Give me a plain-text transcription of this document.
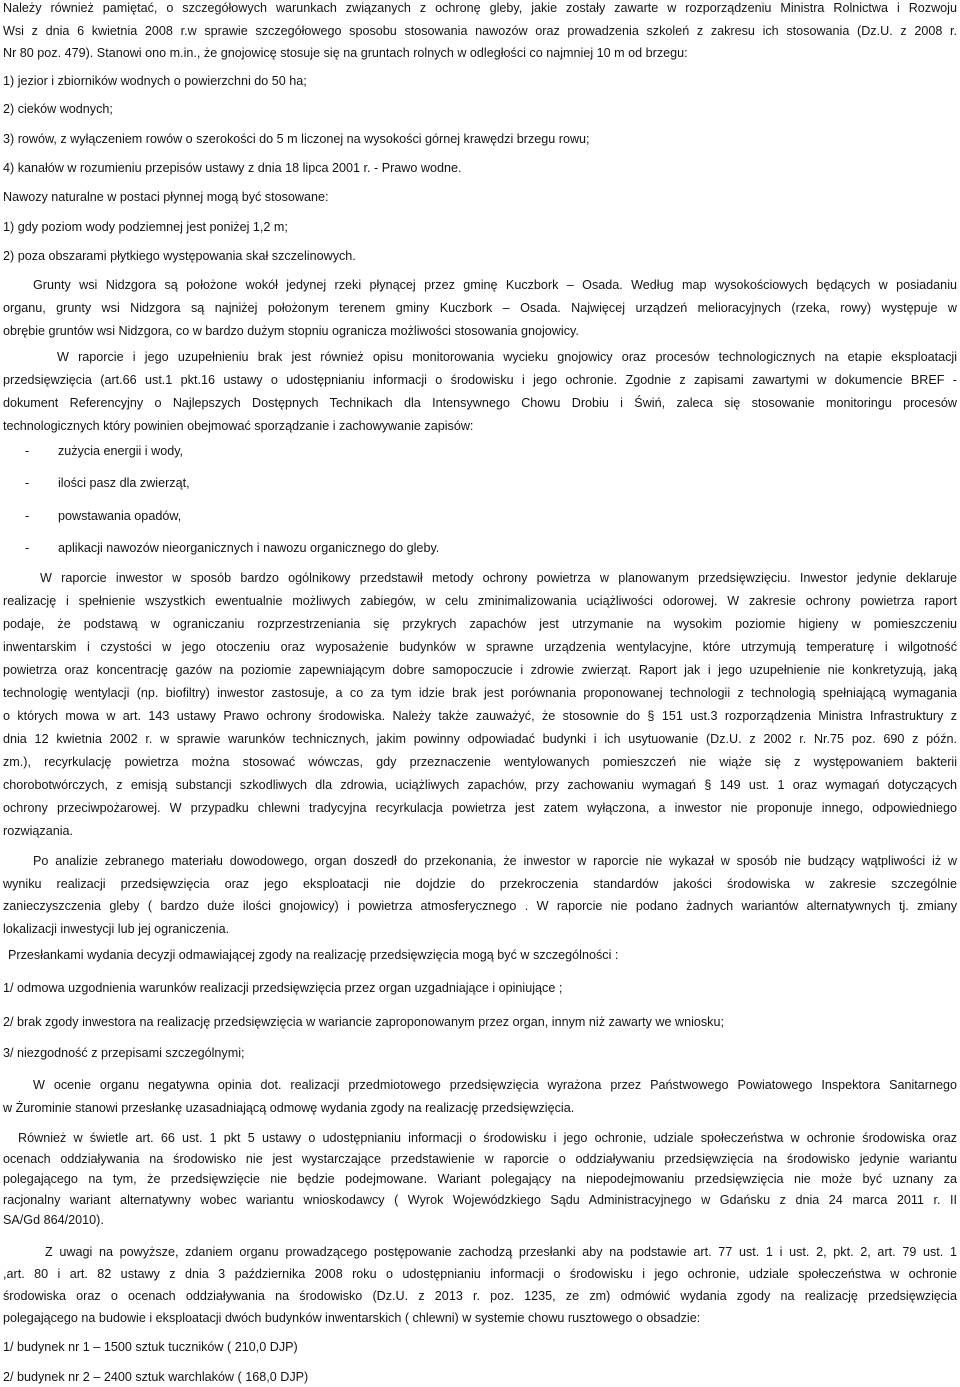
Należy również pamiętać, o szczegółowych warunkach związanych z ochronę gleby, jakie zostały zawarte w rozporządzeniu Ministra Rolnictwa i Rozwoju
Wsi z dnia 6 kwietnia 2008 r.w sprawie szczegółowego sposobu stosowania nawozów oraz prowadzenia szkoleń z zakresu ich stosowania (Dz.U. z 2008 r.
Nr 80 poz. 479). Stanowi ono m.in., że gnojowicę stosuje się na gruntach rolnych w odległości co najmniej 10 m od brzegu:
1) jezior i zbiorników wodnych o powierzchni do 50 ha;
2) cieków wodnych;
3) rowów, z wyłączeniem rowów o szerokości do 5 m liczonej na wysokości górnej krawędzi brzegu rowu;
4) kanałów w rozumieniu przepisów ustawy z dnia 18 lipca 2001 r. - Prawo wodne.
Nawozy naturalne w postaci płynnej mogą być stosowane:
1) gdy poziom wody podziemnej jest poniżej 1,2 m;
2) poza obszarami płytkiego występowania skał szczelinowych.
Grunty wsi Nidzgora są położone wokół jedynej rzeki płynącej przez gminę Kuczbork – Osada. Według map wysokościowych będących w posiadaniu
organu, grunty wsi Nidzgora są najniżej położonym terenem gminy Kuczbork – Osada. Najwięcej urządzeń melioracyjnych (rzeka, rowy) występuje w
obrębie gruntów wsi Nidzgora, co w bardzo dużym stopniu ogranicza możliwości stosowania gnojowicy.
W raporcie i jego uzupełnieniu brak jest również opisu monitorowania wycieku gnojowicy oraz procesów technologicznych na etapie eksploatacji
przedsięwzięcia (art.66 ust.1 pkt.16 ustawy o udostępnianiu informacji o środowisku i jego ochronie. Zgodnie z zapisami zawartymi w dokumencie BREF -
dokument Referencyjny o Najlepszych Dostępnych Technikach dla Intensywnego Chowu Drobiu i Świń, zaleca się stosowanie monitoringu procesów
technologicznych który powinien obejmować sporządzanie i zachowywanie zapisów:
- zużycia energii i wody,
- ilości pasz dla zwierząt,
- powstawania opadów,
- aplikacji nawozów nieorganicznych i nawozu organicznego do gleby.
W raporcie inwestor w sposób bardzo ogólnikowy przedstawił metody ochrony powietrza w planowanym przedsięwzięciu. Inwestor jedynie deklaruje
realizację i spełnienie wszystkich ewentualnie możliwych zabiegów, w celu zminimalizowania uciążliwości odorowej. W zakresie ochrony powietrza raport
podaje, że podstawą w ograniczaniu rozprzestrzeniania się przykrych zapachów jest utrzymanie na wysokim poziomie higieny w pomieszczeniu
inwentarskim i czystości w jego otoczeniu oraz wyposażenie budynków w sprawne urządzenia wentylacyjne, które utrzymują temperaturę i wilgotność
powietrza oraz koncentrację gazów na poziomie zapewniającym dobre samopoczucie i zdrowie zwierząt. Raport jak i jego uzupełnienie nie konkretyzują, jaką
technologię wentylacji (np. biofiltry) inwestor zastosuje, a co za tym idzie brak jest porównania proponowanej technologii z technologią spełniającą wymagania
o których mowa w art. 143 ustawy Prawo ochrony środowiska. Należy także zauważyć, że stosownie do § 151 ust.3 rozporządzenia Ministra Infrastruktury z
dnia 12 kwietnia 2002 r. w sprawie warunków technicznych, jakim powinny odpowiadać budynki i ich usytuowanie (Dz.U. z 2002 r. Nr.75 poz. 690 z późn.
zm.), recyrkulację powietrza można stosować wówczas, gdy przeznaczenie wentylowanych pomieszczeń nie wiąże się z występowaniem bakterii
chorobotwórczych, z emisją substancji szkodliwych dla zdrowia, uciążliwych zapachów, przy zachowaniu wymagań § 149 ust. 1 oraz wymagań dotyczących
ochrony przeciwpożarowej. W przypadku chlewni tradycyjna recyrkulacja powietrza jest zatem wyłączona, a inwestor nie proponuje innego, odpowiedniego
rozwiązania.
Po analizie zebranego materiału dowodowego, organ doszedł do przekonania, że inwestor w raporcie nie wykazał w sposób nie budzący wątpliwości iż w
wyniku realizacji przedsięwzięcia oraz jego eksploatacji nie dojdzie do przekroczenia standardów jakości środowiska w zakresie szczególnie
zanieczyszczenia gleby ( bardzo duże ilości gnojowicy) i powietrza atmosferycznego . W raporcie nie podano żadnych wariantów alternatywnych tj. zmiany
lokalizacji inwestycji lub jej ograniczenia.
Przesłankami wydania decyzji odmawiającej zgody na realizację przedsięwzięcia mogą być w szczególności :
1/ odmowa uzgodnienia warunków realizacji przedsięwzięcia przez organ uzgadniające i opiniujące ;
2/ brak zgody inwestora na realizację przedsięwzięcia w wariancie zaproponowanym przez organ, innym niż zawarty we wniosku;
3/ niezgodność z przepisami szczególnymi;
W ocenie organu negatywna opinia dot. realizacji przedmiotowego przedsięwzięcia wyrażona przez Państwowego Powiatowego Inspektora Sanitarnego
w Żurominie stanowi przesłankę uzasadniającą odmowę wydania zgody na realizację przedsięwzięcia.
Również w świetle art. 66 ust. 1 pkt 5 ustawy o udostępnianiu informacji o środowisku i jego ochronie, udziale społeczeństwa w ochronie środowiska oraz
ocenach oddziaływania na środowisko nie jest wystarczające przedstawienie w raporcie o oddziaływaniu przedsięwzięcia na środowisko jedynie wariantu
polegającego na tym, że przedsięwzięcie nie będzie podejmowane. Wariant polegający na niepodejmowaniu przedsięwzięcia nie może być uznany za
racjonalny wariant alternatywny wobec wariantu wnioskodawcy ( Wyrok Wojewódzkiego Sądu Administracyjnego w Gdańsku z dnia 24 marca 2011 r. II
SA/Gd 864/2010).
Z uwagi na powyższe, zdaniem organu prowadzącego postępowanie zachodzą przesłanki aby na podstawie art. 77 ust. 1 i ust. 2, pkt. 2, art. 79 ust. 1
,art. 80 i art. 82 ustawy z dnia 3 października 2008 roku o udostępnianiu informacji o środowisku i jego ochronie, udziale społeczeństwa w ochronie
środowiska oraz o ocenach oddziaływania na środowisko (Dz.U. z 2013 r. poz. 1235, ze zm) odmówić wydania zgody na realizację przedsięwzięcia
polegającego na budowie i eksploatacji dwóch budynków inwentarskich ( chlewni) w systemie chowu rusztowego o obsadzie:
1/ budynek nr 1 – 1500 sztuk tuczników ( 210,0 DJP)
2/ budynek nr 2 – 2400 sztuk warchlaków ( 168,0 DJP)
